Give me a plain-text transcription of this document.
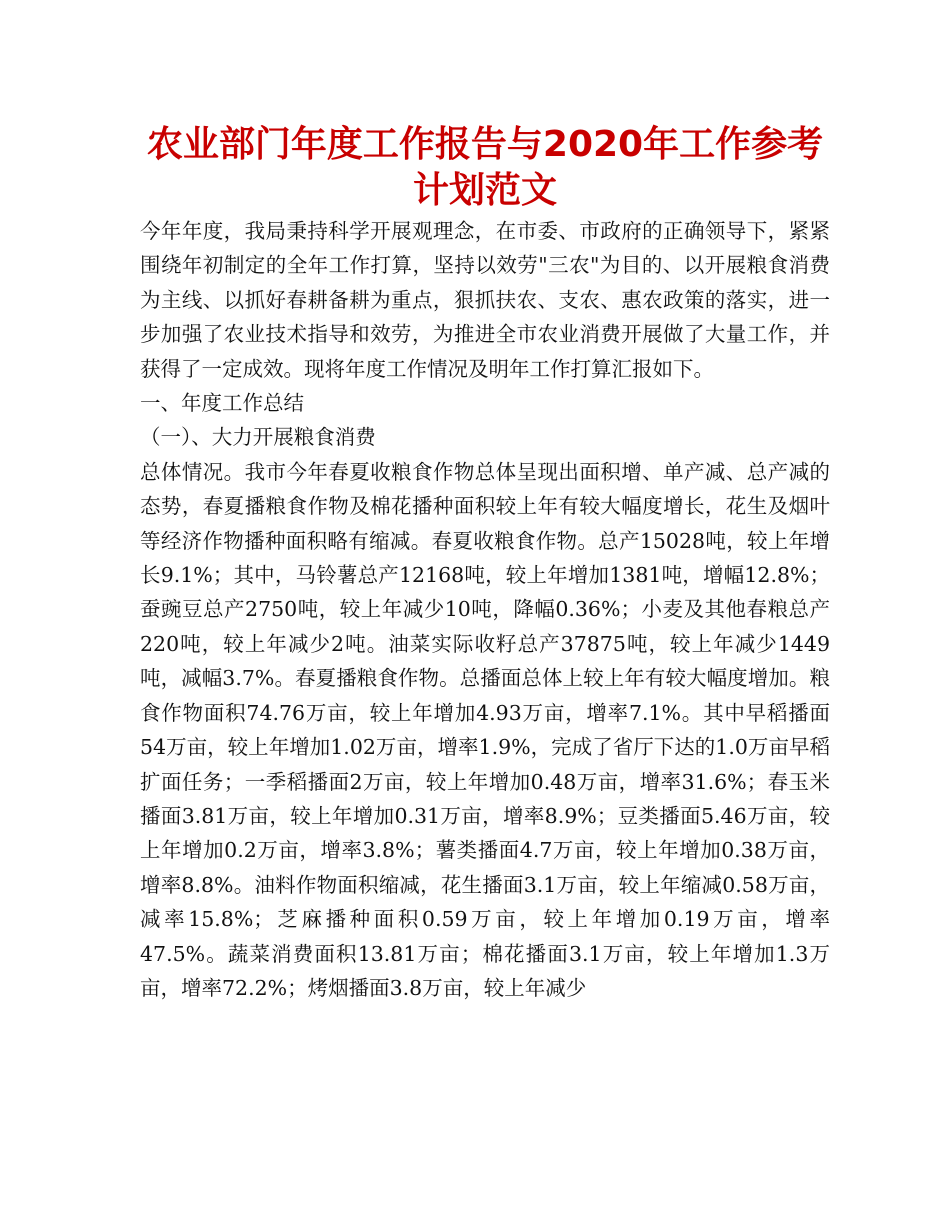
农业部门年度工作报告与2020年工作参考
计划范文

今年年度，我局秉持科学开展观理念，在市委、市政府的正确领导下，紧紧围绕年初制定的全年工作打算，坚持以效劳"三农"为目的、以开展粮食消费为主线、以抓好春耕备耕为重点，狠抓扶农、支农、惠农政策的落实，进一步加强了农业技术指导和效劳，为推进全市农业消费开展做了大量工作，并获得了一定成效。现将年度工作情况及明年工作打算汇报如下。

一、年度工作总结

（一）、大力开展粮食消费

总体情况。我市今年春夏收粮食作物总体呈现出面积增、单产减、总产减的态势，春夏播粮食作物及棉花播种面积较上年有较大幅度增长，花生及烟叶等经济作物播种面积略有缩减。春夏收粮食作物。总产15028吨，较上年增长9.1%；其中，马铃薯总产12168吨，较上年增加1381吨，增幅12.8%；蚕豌豆总产2750吨，较上年减少10吨，降幅0.36%；小麦及其他春粮总产220吨，较上年减少2吨。油菜实际收籽总产37875吨，较上年减少1449吨，减幅3.7%。春夏播粮食作物。总播面总体上较上年有较大幅度增加。粮食作物面积74.76万亩，较上年增加4.93万亩，增率7.1%。其中早稻播面54万亩，较上年增加1.02万亩，增率1.9%，完成了省厅下达的1.0万亩早稻扩面任务；一季稻播面2万亩，较上年增加0.48万亩，增率31.6%；春玉米播面3.81万亩，较上年增加0.31万亩，增率8.9%；豆类播面5.46万亩，较上年增加0.2万亩，增率3.8%；薯类播面4.7万亩，较上年增加0.38万亩，增率8.8%。油料作物面积缩减，花生播面3.1万亩，较上年缩减0.58万亩，减率15.8%；芝麻播种面积0.59万亩，较上年增加0.19万亩，增率47.5%。蔬菜消费面积13.81万亩；棉花播面3.1万亩，较上年增加1.3万亩，增率72.2%；烤烟播面3.8万亩，较上年减少
